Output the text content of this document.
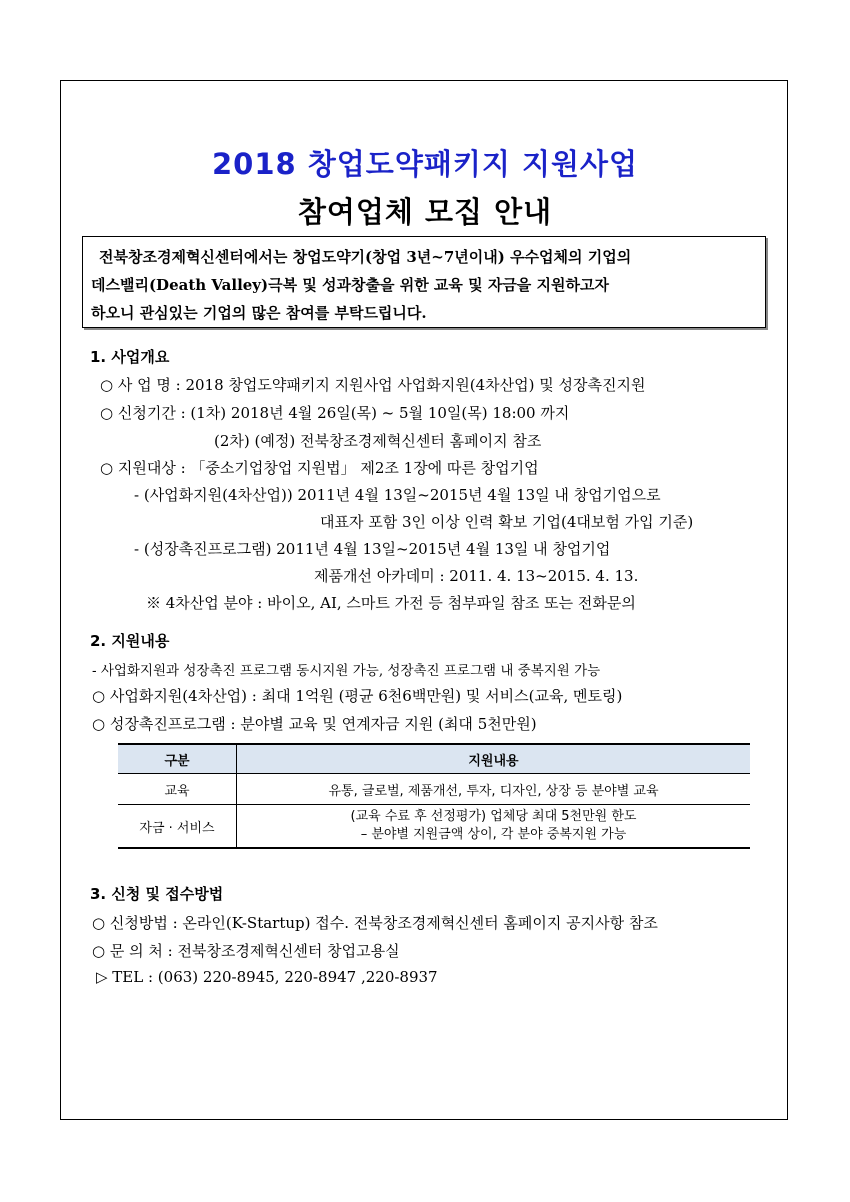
2018 창업도약패키지 지원사업
참여업체 모집 안내
전북창조경제혁신센터에서는 창업도약기(창업 3년~7년이내) 우수업체의 기업의
데스밸리(Death Valley)극복 및 성과창출을 위한 교육 및 자금을 지원하고자
하오니 관심있는 기업의 많은 참여를 부탁드립니다.
1. 사업개요
○ 사 업 명 : 2018 창업도약패키지 지원사업 사업화지원(4차산업) 및 성장촉진지원
○ 신청기간 : (1차) 2018년 4월 26일(목) ~ 5월 10일(목) 18:00 까지
(2차) (예정) 전북창조경제혁신센터 홈페이지 참조
○ 지원대상 : 「중소기업창업 지원법」 제2조 1장에 따른 창업기업
- (사업화지원(4차산업)) 2011년 4월 13일~2015년 4월 13일 내 창업기업으로
대표자 포함 3인 이상 인력 확보 기업(4대보험 가입 기준)
- (성장촉진프로그램) 2011년 4월 13일~2015년 4월 13일 내 창업기업
제품개선 아카데미 : 2011. 4. 13~2015. 4. 13.
※ 4차산업 분야 : 바이오, AI, 스마트 가전 등 첨부파일 참조 또는 전화문의
2. 지원내용
- 사업화지원과 성장촉진 프로그램 동시지원 가능, 성장촉진 프로그램 내 중복지원 가능
○ 사업화지원(4차산업) : 최대 1억원 (평균 6천6백만원) 및 서비스(교육, 멘토링)
○ 성장촉진프로그램 : 분야별 교육 및 연계자금 지원 (최대 5천만원)
구분	지원내용
교육	유통, 글로벌, 제품개선, 투자, 디자인, 상장 등 분야별 교육
자금 · 서비스	(교육 수료 후 선정평가) 업체당 최대 5천만원 한도
– 분야별 지원금액 상이, 각 분야 중복지원 가능
3. 신청 및 접수방법
○ 신청방법 : 온라인(K-Startup) 접수. 전북창조경제혁신센터 홈페이지 공지사항 참조
○ 문 의 처 : 전북창조경제혁신센터 창업고용실
▷ TEL : (063) 220-8945, 220-8947 ,220-8937
